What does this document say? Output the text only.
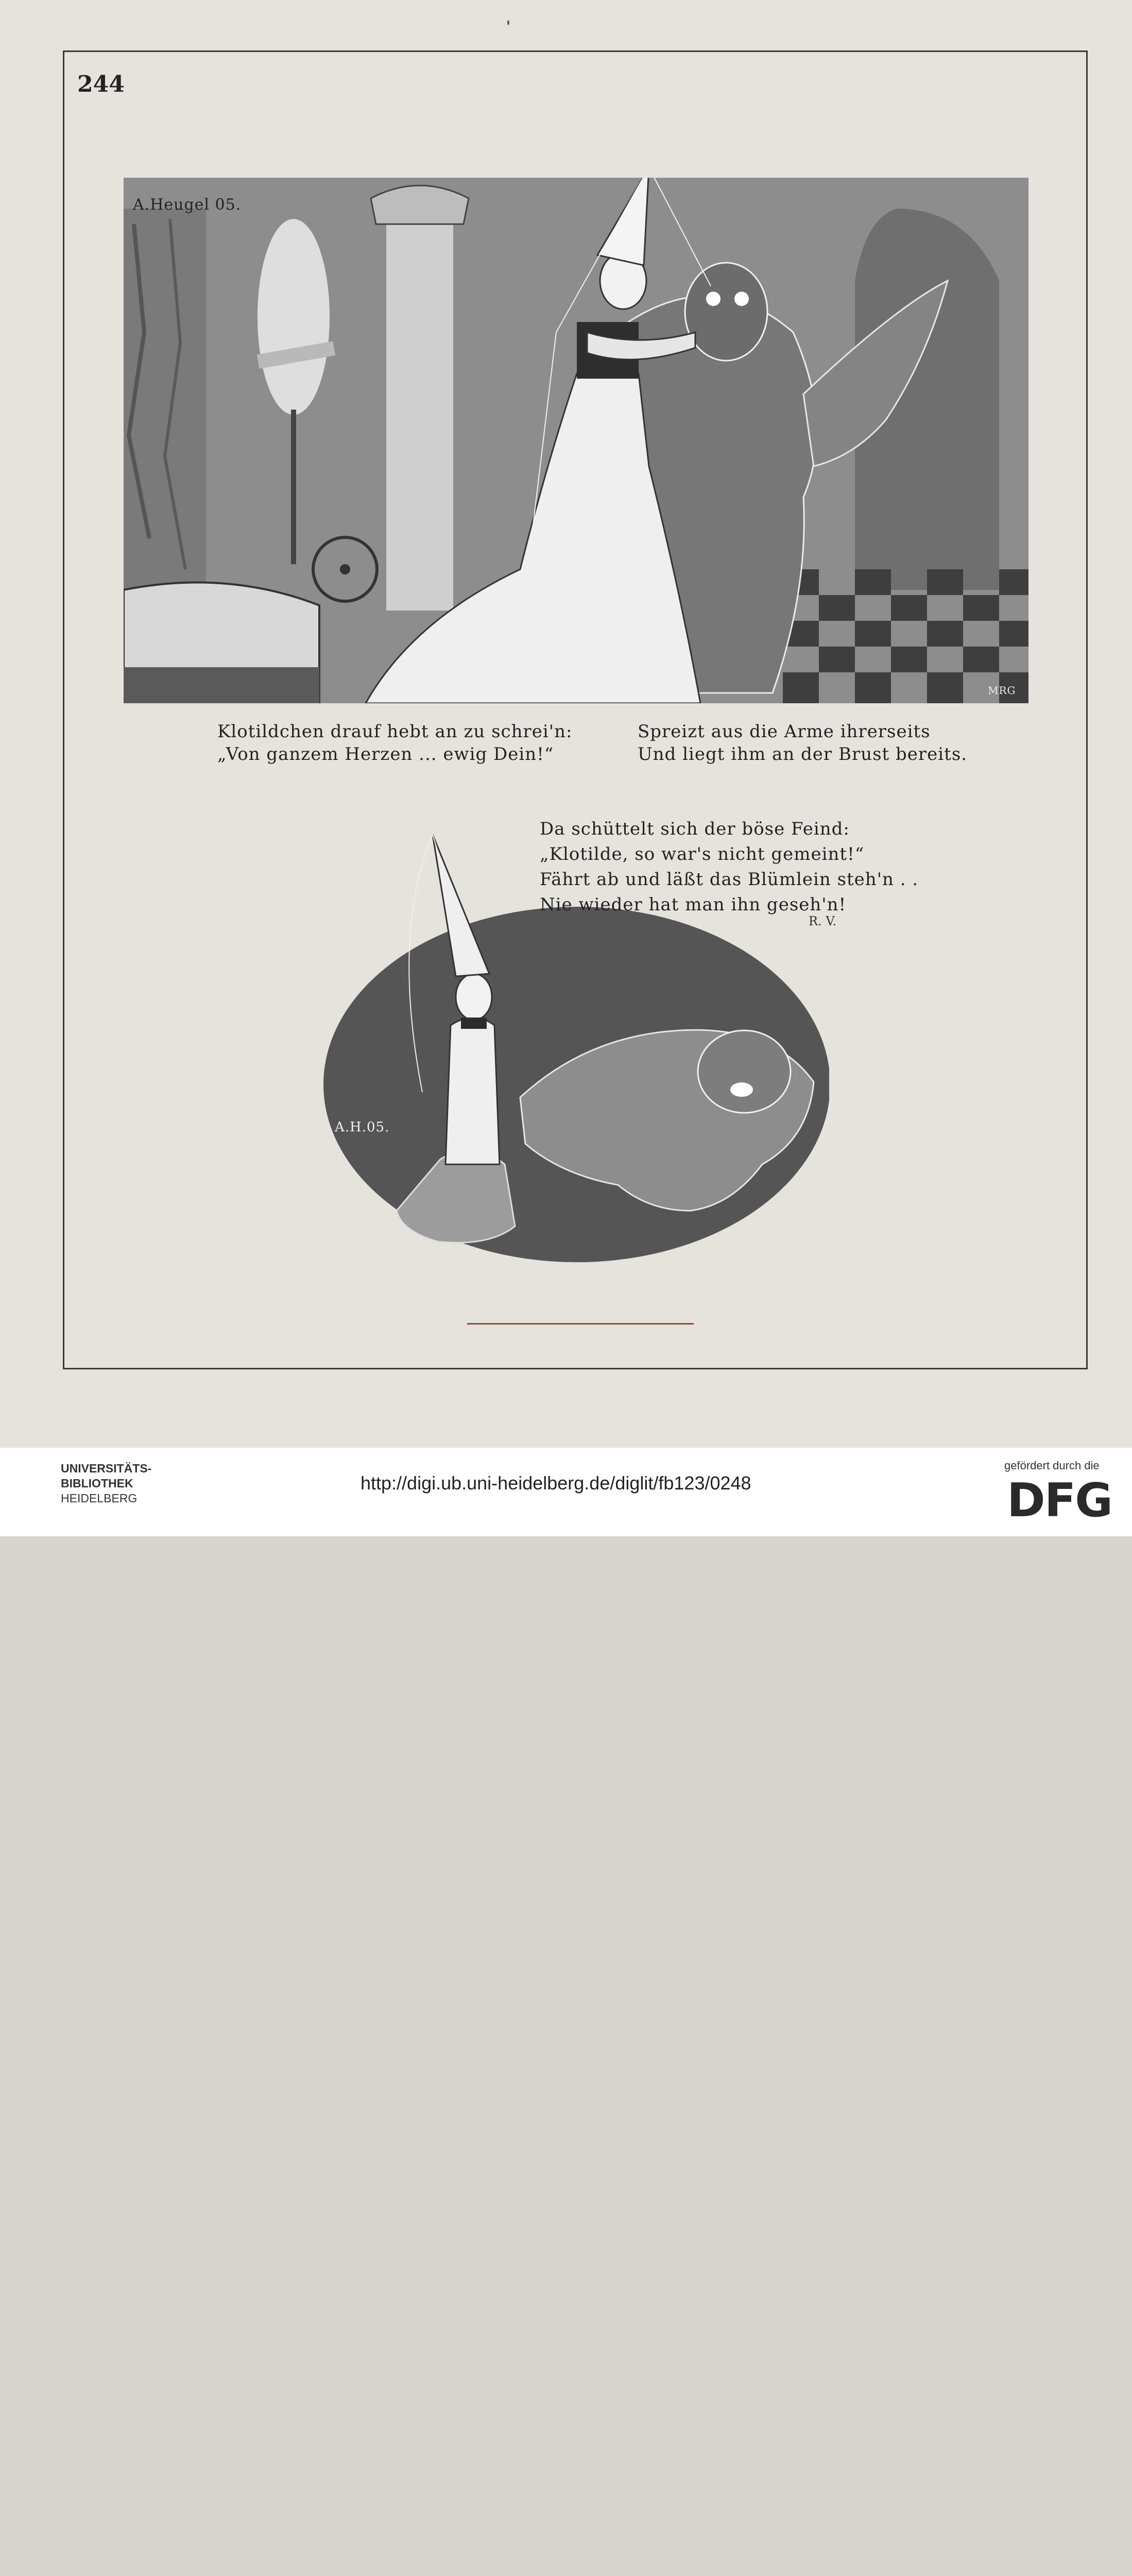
244
A.Heugel 05.
MRG
Klotildchen drauf hebt an zu schrei'n:
„Von ganzem Herzen ... ewig Dein!“
Spreizt aus die Arme ihrerseits
Und liegt ihm an der Brust bereits.
A.H.05.
Da schüttelt sich der böse Feind:
„Klotilde, so war's nicht gemeint!“
Fährt ab und läßt das Blümlein steh'n . .
Nie wieder hat man ihn geseh'n!
R. V.
UNIVERSITÄTS-
BIBLIOTHEK
HEIDELBERG
http://digi.ub.uni-heidelberg.de/diglit/fb123/0248
gefördert durch die
DFG
